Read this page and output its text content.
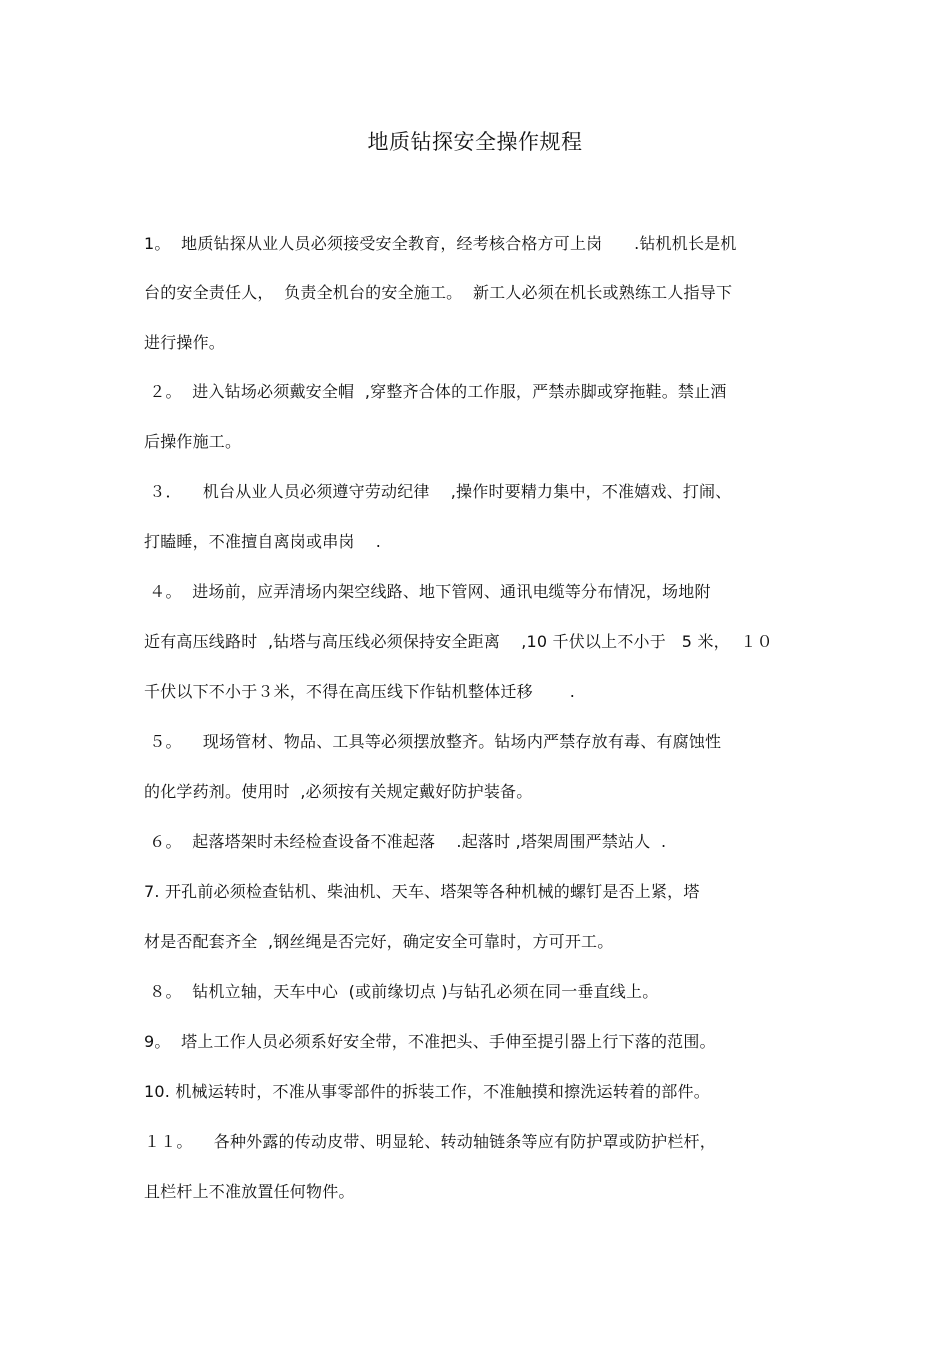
地质钻探安全操作规程
1。  地质钻探从业人员必须接受安全教育，经考核合格方可上岗      .钻机机长是机
台的安全责任人，  负责全机台的安全施工。  新工人必须在机长或熟练工人指导下
进行操作。
２。  进入钻场必须戴安全帽  ,穿整齐合体的工作服，严禁赤脚或穿拖鞋。禁止酒
后操作施工。
３．    机台从业人员必须遵守劳动纪律    ,操作时要精力集中，不准嬉戏、打闹、
打瞌睡，不准擅自离岗或串岗    .
４。  进场前，应弄清场内架空线路、地下管网、通讯电缆等分布情况，场地附
近有高压线路时  ,钻塔与高压线必须保持安全距离    ,10 千伏以上不小于   5 米，  １０
千伏以下不小于３米，不得在高压线下作钻机整体迁移       .
５。    现场管材、物品、工具等必须摆放整齐。钻场内严禁存放有毒、有腐蚀性
的化学药剂。使用时  ,必须按有关规定戴好防护装备。
６。  起落塔架时未经检查设备不准起落    .起落时 ,塔架周围严禁站人  .
7. 开孔前必须检查钻机、柴油机、天车、塔架等各种机械的螺钉是否上紧，塔
材是否配套齐全  ,钢丝绳是否完好，确定安全可靠时，方可开工。
８。  钻机立轴，天车中心  (或前缘切点 )与钻孔必须在同一垂直线上。
9。  塔上工作人员必须系好安全带，不准把头、手伸至提引器上行下落的范围。
10. 机械运转时，不准从事零部件的拆装工作，不准触摸和擦洗运转着的部件。
１１。    各种外露的传动皮带、明显轮、转动轴链条等应有防护罩或防护栏杆，
且栏杆上不准放置任何物件。
